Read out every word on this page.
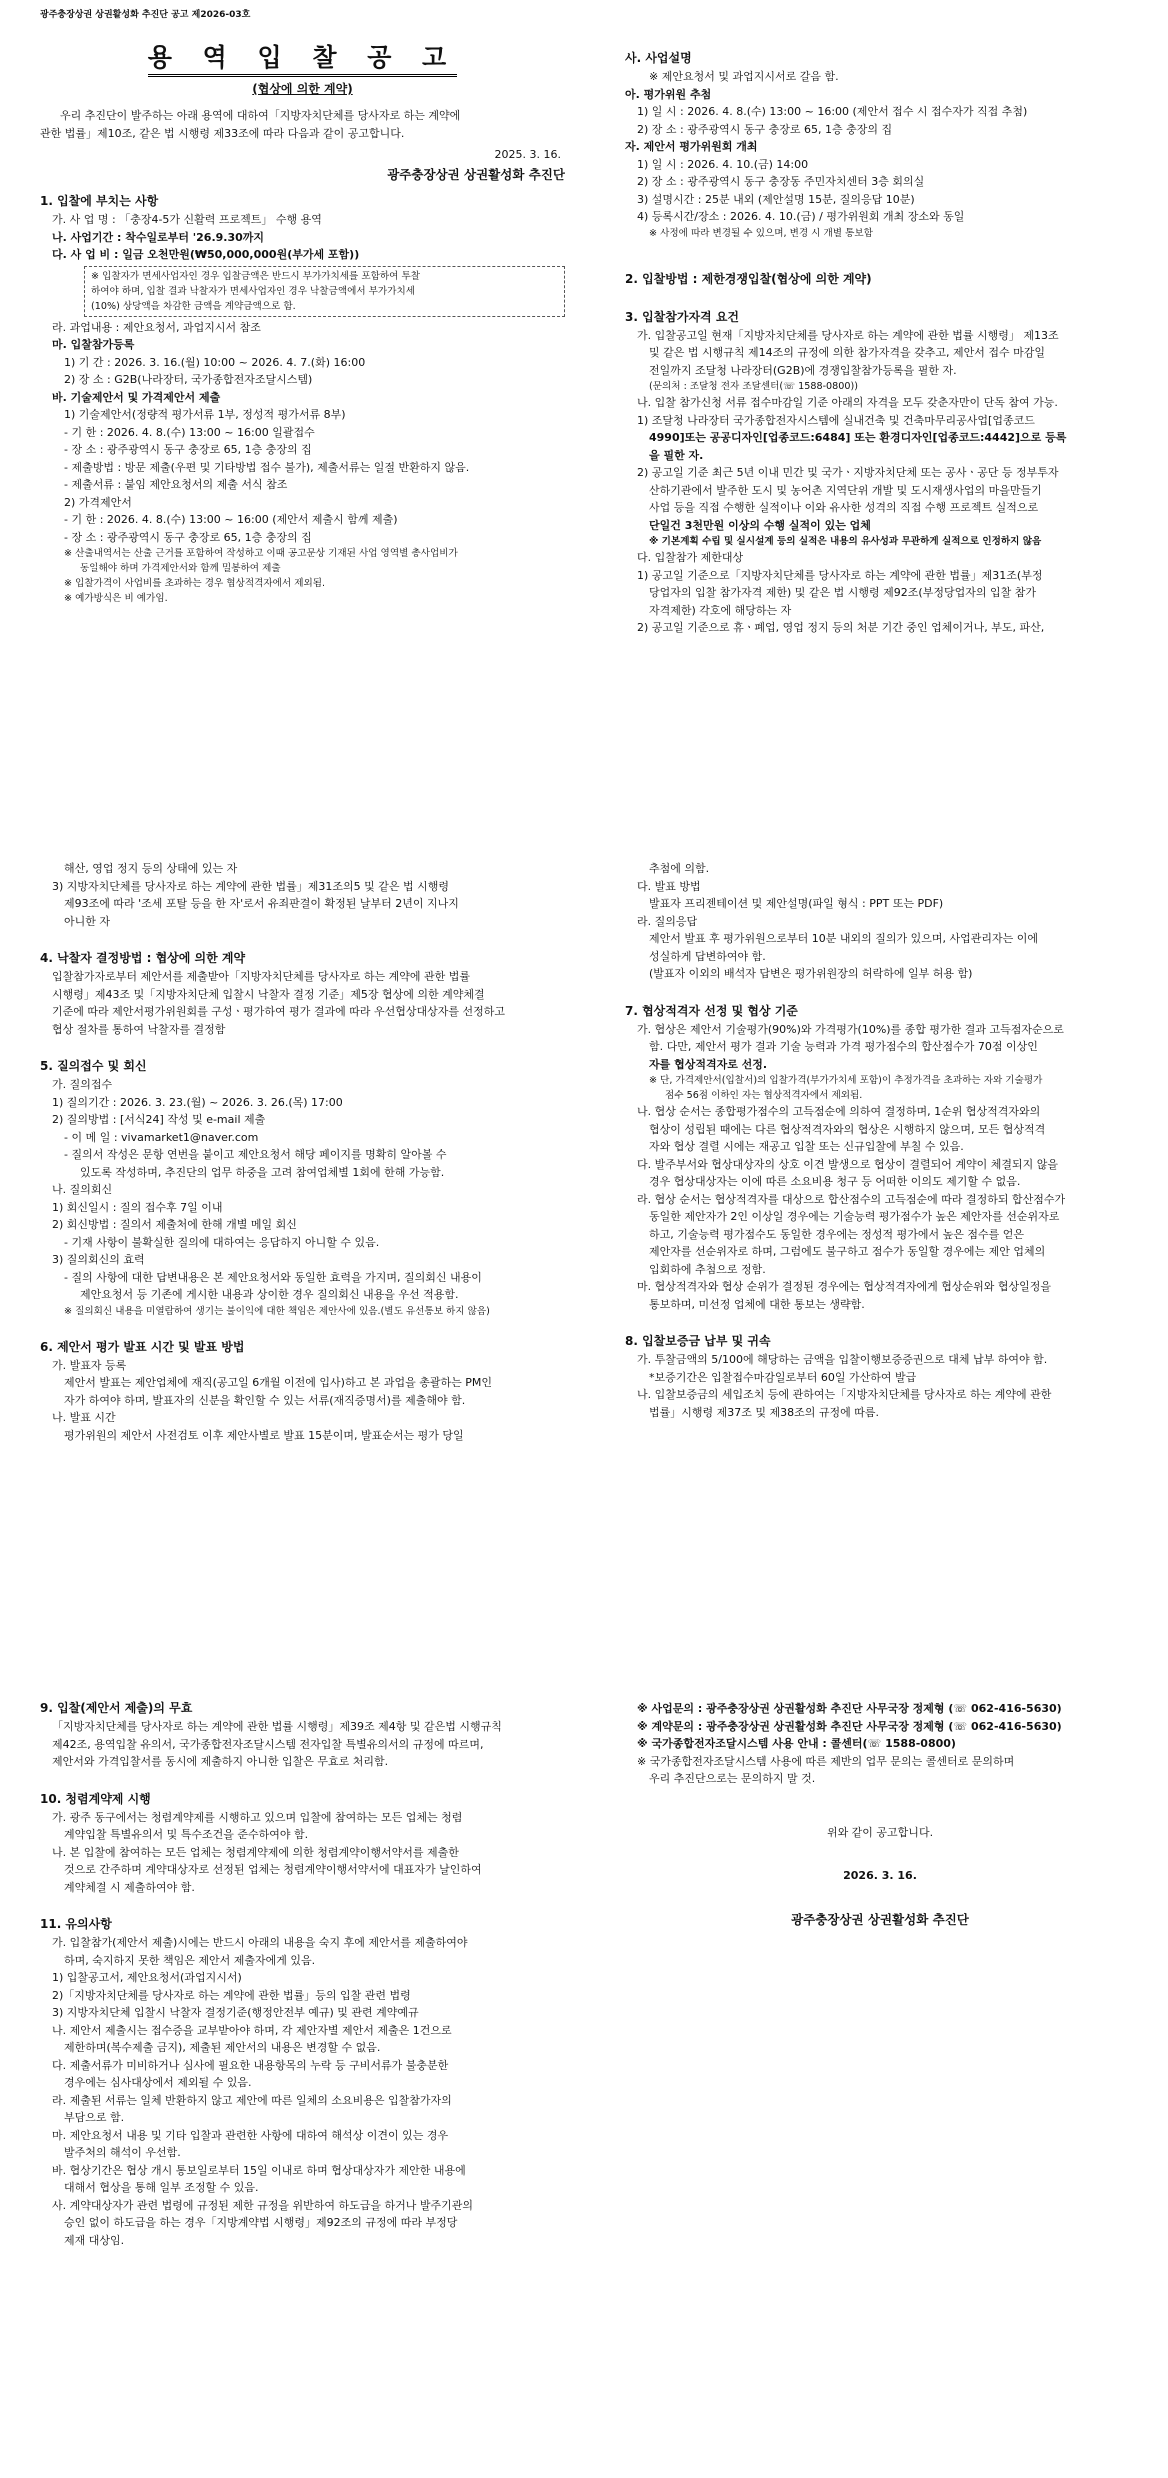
광주충장상권 상권활성화 추진단 공고 제2026-03호
용 역 입 찰 공 고
(협상에 의한 계약)
우리 추진단이 발주하는 아래 용역에 대하여「지방자치단체를 당사자로 하는 계약에
관한 법률」제10조, 같은 법 시행령 제33조에 따라 다음과 같이 공고합니다.
2025. 3. 16.
광주충장상권 상권활성화 추진단
1. 입찰에 부치는 사항
가. 사 업 명 : 「충장4-5가 신활력 프로젝트」 수행 용역
나. 사업기간 : 착수일로부터 '26.9.30까지
다. 사 업 비 : 일금 오천만원(₩50,000,000원(부가세 포함))
※ 입찰자가 면세사업자인 경우 입찰금액은 반드시 부가가치세를 포함하여 투찰
하여야 하며, 입찰 결과 낙찰자가 면세사업자인 경우 낙찰금액에서 부가가치세
(10%) 상당액을 차감한 금액을 계약금액으로 함.
라. 과업내용 : 제안요청서, 과업지시서 참조
마. 입찰참가등록
1) 기 간 : 2026. 3. 16.(월) 10:00 ~ 2026. 4. 7.(화) 16:00
2) 장 소 : G2B(나라장터, 국가종합전자조달시스템)
바. 기술제안서 및 가격제안서 제출
1) 기술제안서(정량적 평가서류 1부, 정성적 평가서류 8부)
- 기 한 : 2026. 4. 8.(수) 13:00 ~ 16:00 일괄접수
- 장 소 : 광주광역시 동구 충장로 65, 1층 충장의 집
- 제출방법 : 방문 제출(우편 및 기타방법 접수 불가), 제출서류는 일절 반환하지 않음.
- 제출서류 : 붙임 제안요청서의 제출 서식 참조
2) 가격제안서
- 기 한 : 2026. 4. 8.(수) 13:00 ~ 16:00 (제안서 제출시 함께 제출)
- 장 소 : 광주광역시 동구 충장로 65, 1층 충장의 집
※ 산출내역서는 산출 근거를 포함하여 작성하고 이때 공고문상 기재된 사업 영역별 총사업비가
동일해야 하며 가격제안서와 함께 밀봉하여 제출
※ 입찰가격이 사업비를 초과하는 경우 협상적격자에서 제외됨.
※ 예가방식은 비 예가임.
사. 사업설명
※ 제안요청서 및 과업지시서로 갈음 함.
아. 평가위원 추첨
1) 일 시 : 2026. 4. 8.(수) 13:00 ~ 16:00 (제안서 접수 시 접수자가 직접 추첨)
2) 장 소 : 광주광역시 동구 충장로 65, 1층 충장의 집
자. 제안서 평가위원회 개최
1) 일 시 : 2026. 4. 10.(금) 14:00
2) 장 소 : 광주광역시 동구 충장동 주민자치센터 3층 회의실
3) 설명시간 : 25분 내외 (제안설명 15분, 질의응답 10분)
4) 등록시간/장소 : 2026. 4. 10.(금) / 평가위원회 개최 장소와 동일
※ 사정에 따라 변경될 수 있으며, 변경 시 개별 통보함
2. 입찰방법 : 제한경쟁입찰(협상에 의한 계약)
3. 입찰참가자격 요건
가. 입찰공고일 현재「지방자치단체를 당사자로 하는 계약에 관한 법률 시행령」 제13조
및 같은 법 시행규칙 제14조의 규정에 의한 참가자격을 갖추고, 제안서 접수 마감일
전일까지 조달청 나라장터(G2B)에 경쟁입찰참가등록을 필한 자.
(문의처 : 조달청 전자 조달센터(☏ 1588-0800))
나. 입찰 참가신청 서류 접수마감일 기준 아래의 자격을 모두 갖춘자만이 단독 참여 가능.
1) 조달청 나라장터 국가종합전자시스템에 실내건축 및 건축마무리공사업[업종코드
4990]또는 공공디자인[업종코드:6484] 또는 환경디자인[업종코드:4442]으로 등록
을 필한 자.
2) 공고일 기준 최근 5년 이내 민간 및 국가ㆍ지방자치단체 또는 공사ㆍ공단 등 정부투자
산하기관에서 발주한 도시 및 농어촌 지역단위 개발 및 도시재생사업의 마을만들기
사업 등을 직접 수행한 실적이나 이와 유사한 성격의 직접 수행 프로젝트 실적으로
단일건 3천만원 이상의 수행 실적이 있는 업체
※ 기본계획 수립 및 실시설계 등의 실적은 내용의 유사성과 무관하게 실적으로 인정하지 않음
다. 입찰참가 제한대상
1) 공고일 기준으로「지방자치단체를 당사자로 하는 계약에 관한 법률」제31조(부정
당업자의 입찰 참가자격 제한) 및 같은 법 시행령 제92조(부정당업자의 입찰 참가
자격제한) 각호에 해당하는 자
2) 공고일 기준으로 휴ㆍ폐업, 영업 정지 등의 처분 기간 중인 업체이거나, 부도, 파산,
해산, 영업 정지 등의 상태에 있는 자
3) 지방자치단체를 당사자로 하는 계약에 관한 법률」제31조의5 및 같은 법 시행령
제93조에 따라 '조세 포탈 등을 한 자'로서 유죄판결이 확정된 날부터 2년이 지나지
아니한 자
4. 낙찰자 결정방법 : 협상에 의한 계약
입찰참가자로부터 제안서를 제출받아「지방자치단체를 당사자로 하는 계약에 관한 법률
시행령」제43조 및「지방자치단체 입찰시 낙찰자 결정 기준」제5장 협상에 의한 계약체결
기준에 따라 제안서평가위원회를 구성ㆍ평가하여 평가 결과에 따라 우선협상대상자를 선정하고
협상 절차를 통하여 낙찰자를 결정함
5. 질의접수 및 회신
가. 질의접수
1) 질의기간 : 2026. 3. 23.(월) ~ 2026. 3. 26.(목) 17:00
2) 질의방법 : [서식24] 작성 및 e-mail 제출
- 이 메 일 : vivamarket1@naver.com
- 질의서 작성은 문항 연번을 붙이고 제안요청서 해당 페이지를 명확히 알아볼 수
있도록 작성하며, 추진단의 업무 하중을 고려 참여업체별 1회에 한해 가능함.
나. 질의회신
1) 회신일시 : 질의 접수후 7일 이내
2) 회신방법 : 질의서 제출처에 한해 개별 메일 회신
- 기재 사항이 불확실한 질의에 대하여는 응답하지 아니할 수 있음.
3) 질의회신의 효력
- 질의 사항에 대한 답변내용은 본 제안요청서와 동일한 효력을 가지며, 질의회신 내용이
제안요청서 등 기존에 게시한 내용과 상이한 경우 질의회신 내용을 우선 적용함.
※ 질의회신 내용을 미열람하여 생기는 불이익에 대한 책임은 제안사에 있음.(별도 유선통보 하지 않음)
6. 제안서 평가 발표 시간 및 발표 방법
가. 발표자 등록
제안서 발표는 제안업체에 재직(공고일 6개월 이전에 입사)하고 본 과업을 총괄하는 PM인
자가 하여야 하며, 발표자의 신분을 확인할 수 있는 서류(재직증명서)를 제출해야 함.
나. 발표 시간
평가위원의 제안서 사전검토 이후 제안사별로 발표 15분이며, 발표순서는 평가 당일
추첨에 의함.
다. 발표 방법
발표자 프리젠테이션 및 제안설명(파일 형식 : PPT 또는 PDF)
라. 질의응답
제안서 발표 후 평가위원으로부터 10분 내외의 질의가 있으며, 사업관리자는 이에
성실하게 답변하여야 함.
(발표자 이외의 배석자 답변은 평가위원장의 허락하에 일부 허용 함)
7. 협상적격자 선정 및 협상 기준
가. 협상은 제안서 기술평가(90%)와 가격평가(10%)를 종합 평가한 결과 고득점자순으로
함. 다만, 제안서 평가 결과 기술 능력과 가격 평가점수의 합산점수가 70점 이상인
자를 협상적격자로 선정.
※ 단, 가격제안서(입찰서)의 입찰가격(부가가치세 포함)이 추정가격을 초과하는 자와 기술평가
점수 56점 이하인 자는 협상적격자에서 제외됨.
나. 협상 순서는 종합평가점수의 고득점순에 의하여 결정하며, 1순위 협상적격자와의
협상이 성립된 때에는 다른 협상적격자와의 협상은 시행하지 않으며, 모든 협상적격
자와 협상 결렬 시에는 재공고 입찰 또는 신규입찰에 부칠 수 있음.
다. 발주부서와 협상대상자의 상호 이견 발생으로 협상이 결렬되어 계약이 체결되지 않을
경우 협상대상자는 이에 따른 소요비용 청구 등 어떠한 이의도 제기할 수 없음.
라. 협상 순서는 협상적격자를 대상으로 합산점수의 고득점순에 따라 결정하되 합산점수가
동일한 제안자가 2인 이상일 경우에는 기술능력 평가점수가 높은 제안자를 선순위자로
하고, 기술능력 평가점수도 동일한 경우에는 정성적 평가에서 높은 점수를 얻은
제안자를 선순위자로 하며, 그럼에도 불구하고 점수가 동일할 경우에는 제안 업체의
입회하에 추첨으로 정함.
마. 협상적격자와 협상 순위가 결정된 경우에는 협상적격자에게 협상순위와 협상일정을
통보하며, 미선정 업체에 대한 통보는 생략함.
8. 입찰보증금 납부 및 귀속
가. 투찰금액의 5/100에 해당하는 금액을 입찰이행보증증권으로 대체 납부 하여야 함.
*보증기간은 입찰접수마감일로부터 60일 가산하여 발급
나. 입찰보증금의 세입조치 등에 관하여는「지방자치단체를 당사자로 하는 계약에 관한
법률」시행령 제37조 및 제38조의 규정에 따름.
9. 입찰(제안서 제출)의 무효
「지방자치단체를 당사자로 하는 계약에 관한 법률 시행령」제39조 제4항 및 같은법 시행규칙
제42조, 용역입찰 유의서, 국가종합전자조달시스템 전자입찰 특별유의서의 규정에 따르며,
제안서와 가격입찰서를 동시에 제출하지 아니한 입찰은 무효로 처리함.
10. 청렴계약제 시행
가. 광주 동구에서는 청렴계약제를 시행하고 있으며 입찰에 참여하는 모든 업체는 청렴
계약입찰 특별유의서 및 특수조건을 준수하여야 함.
나. 본 입찰에 참여하는 모든 업체는 청렴계약제에 의한 청렴계약이행서약서를 제출한
것으로 간주하며 계약대상자로 선정된 업체는 청렴계약이행서약서에 대표자가 날인하여
계약체결 시 제출하여야 함.
11. 유의사항
가. 입찰참가(제안서 제출)시에는 반드시 아래의 내용을 숙지 후에 제안서를 제출하여야
하며, 숙지하지 못한 책임은 제안서 제출자에게 있음.
1) 입찰공고서, 제안요청서(과업지시서)
2)「지방자치단체를 당사자로 하는 계약에 관한 법률」등의 입찰 관련 법령
3) 지방자치단체 입찰시 낙찰자 결정기준(행정안전부 예규) 및 관련 계약예규
나. 제안서 제출시는 접수증을 교부받아야 하며, 각 제안자별 제안서 제출은 1건으로
제한하며(복수제출 금지), 제출된 제안서의 내용은 변경할 수 없음.
다. 제출서류가 미비하거나 심사에 필요한 내용항목의 누락 등 구비서류가 불충분한
경우에는 심사대상에서 제외될 수 있음.
라. 제출된 서류는 일체 반환하지 않고 제안에 따른 일체의 소요비용은 입찰참가자의
부담으로 함.
마. 제안요청서 내용 및 기타 입찰과 관련한 사항에 대하여 해석상 이견이 있는 경우
발주처의 해석이 우선함.
바. 협상기간은 협상 개시 통보일로부터 15일 이내로 하며 협상대상자가 제안한 내용에
대해서 협상을 통해 일부 조정할 수 있음.
사. 계약대상자가 관련 법령에 규정된 제한 규정을 위반하여 하도급을 하거나 발주기관의
승인 없이 하도급을 하는 경우「지방계약법 시행령」제92조의 규정에 따라 부정당
제재 대상임.
※ 사업문의 : 광주충장상권 상권활성화 추진단 사무국장 정제형 (☏ 062-416-5630)
※ 계약문의 : 광주충장상권 상권활성화 추진단 사무국장 정제형 (☏ 062-416-5630)
※ 국가종합전자조달시스템 사용 안내 : 콜센터(☏ 1588-0800)
※ 국가종합전자조달시스템 사용에 따른 제반의 업무 문의는 콜센터로 문의하며
우리 추진단으로는 문의하지 말 것.
위와 같이 공고합니다.
2026. 3. 16.
광주충장상권 상권활성화 추진단
